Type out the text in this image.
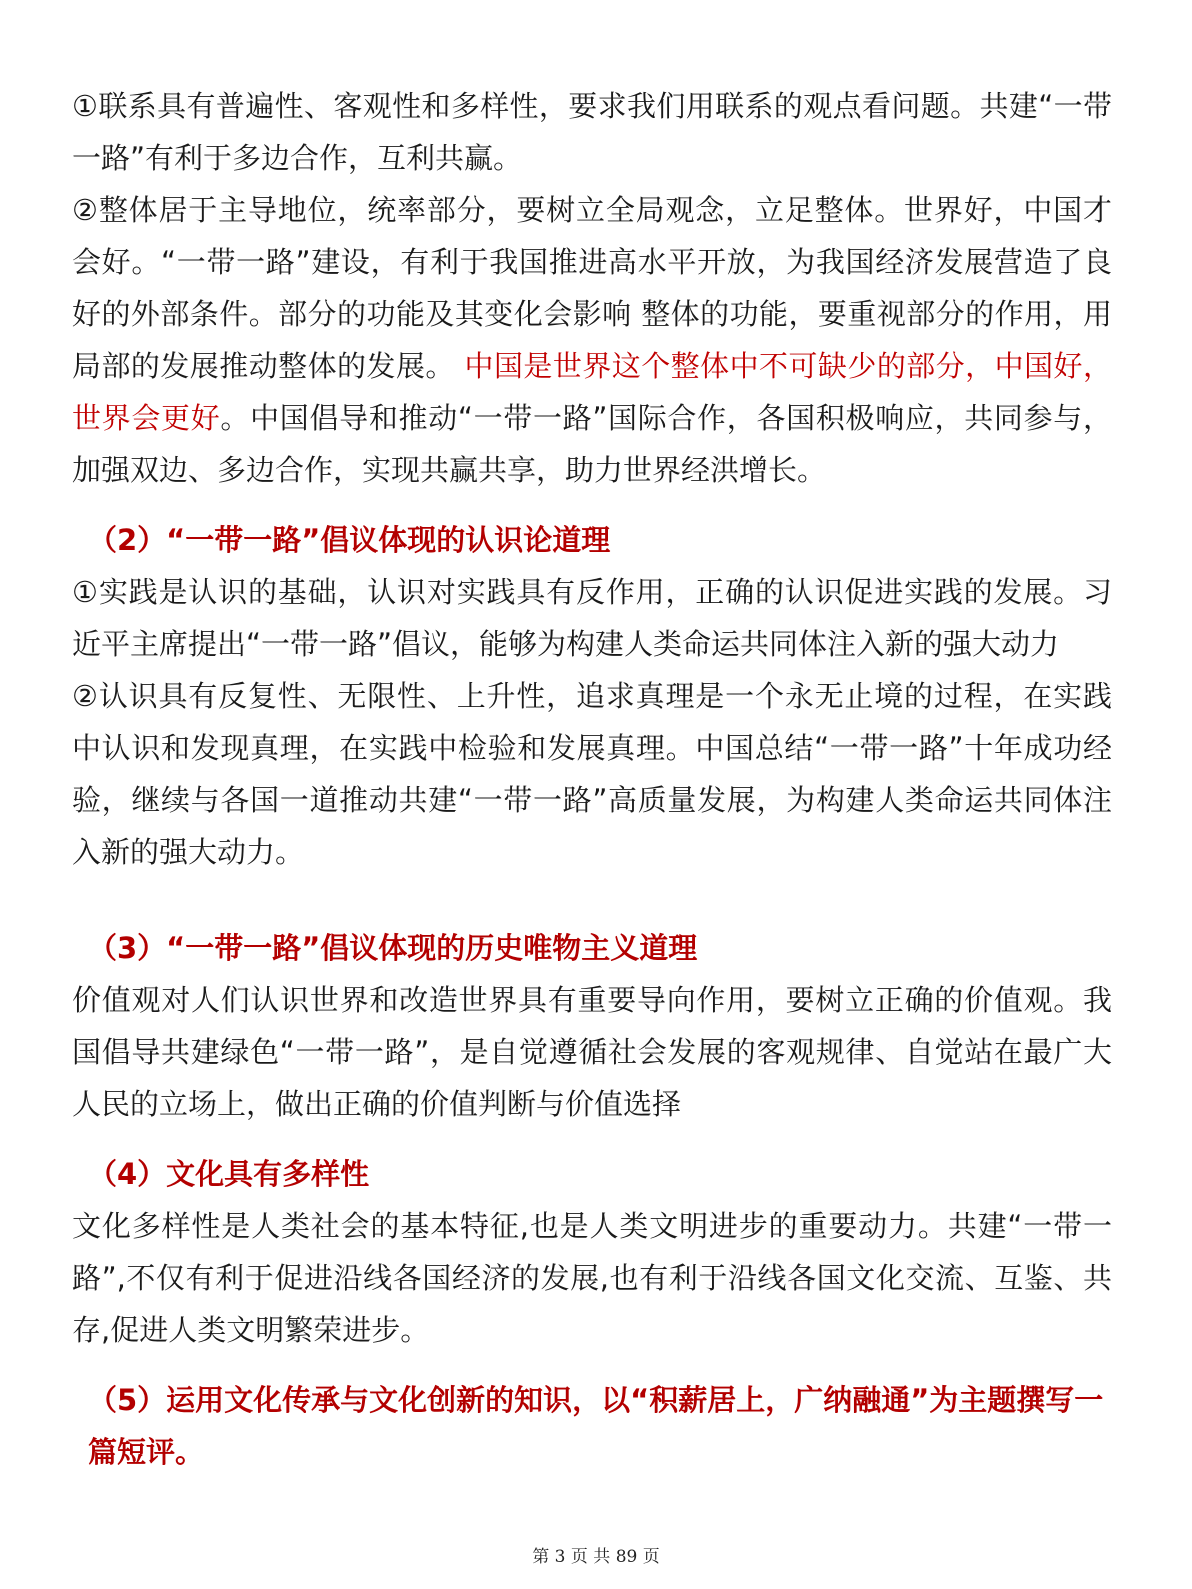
①联系具有普遍性、客观性和多样性，要求我们用联系的观点看问题。共建“一带一路”有利于多边合作，互利共赢。

②整体居于主导地位，统率部分，要树立全局观念，立足整体。世界好，中国才会好。“一带一路”建设，有利于我国推进高水平开放，为我国经济发展营造了良好的外部条件。部分的功能及其变化会影响 整体的功能，要重视部分的作用，用局部的发展推动整体的发展。 中国是世界这个整体中不可缺少的部分，中国好，世界会更好。中国倡导和推动“一带一路”国际合作，各国积极响应，共同参与，加强双边、多边合作，实现共赢共享，助力世界经洪增长。

（2）“一带一路”倡议体现的认识论道理

①实践是认识的基础，认识对实践具有反作用，正确的认识促进实践的发展。习近平主席提出“一带一路”倡议，能够为构建人类命运共同体注入新的强大动力

②认识具有反复性、无限性、上升性，追求真理是一个永无止境的过程，在实践中认识和发现真理，在实践中检验和发展真理。中国总结“一带一路”十年成功经验，继续与各国一道推动共建“一带一路”高质量发展，为构建人类命运共同体注入新的强大动力。

（3）“一带一路”倡议体现的历史唯物主义道理

价值观对人们认识世界和改造世界具有重要导向作用，要树立正确的价值观。我国倡导共建绿色“一带一路”，是自觉遵循社会发展的客观规律、自觉站在最广大人民的立场上，做出正确的价值判断与价值选择

（4）文化具有多样性

文化多样性是人类社会的基本特征,也是人类文明进步的重要动力。共建“一带一路”,不仅有利于促进沿线各国经济的发展,也有利于沿线各国文化交流、互鉴、共存,促进人类文明繁荣进步。

（5）运用文化传承与文化创新的知识，以“积薪居上，广纳融通”为主题撰写一篇短评。

第 3 页 共 89 页
